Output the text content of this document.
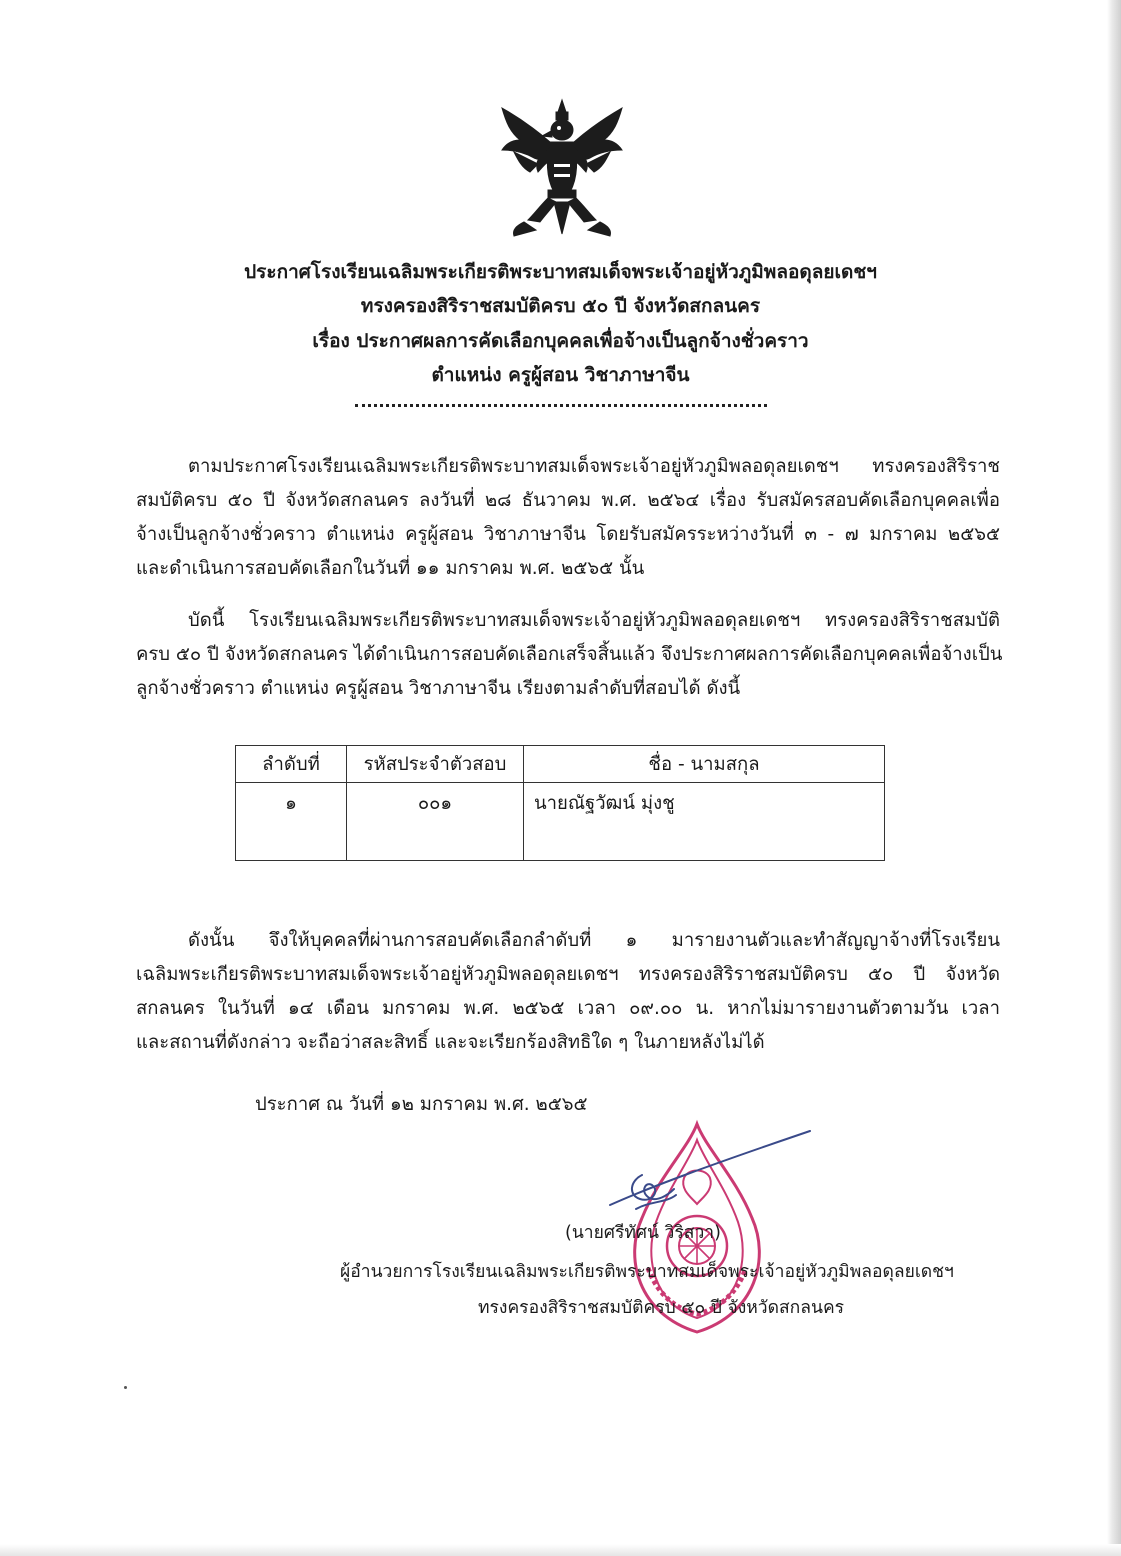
ประกาศโรงเรียนเฉลิมพระเกียรติพระบาทสมเด็จพระเจ้าอยู่หัวภูมิพลอดุลยเดชฯ
ทรงครองสิริราชสมบัติครบ ๕๐ ปี จังหวัดสกลนคร
เรื่อง ประกาศผลการคัดเลือกบุคคลเพื่อจ้างเป็นลูกจ้างชั่วคราว
ตำแหน่ง ครูผู้สอน วิชาภาษาจีน
ตามประกาศโรงเรียนเฉลิมพระเกียรติพระบาทสมเด็จพระเจ้าอยู่หัวภูมิพลอดุลยเดชฯ ทรงครองสิริราช
สมบัติครบ ๕๐ ปี จังหวัดสกลนคร ลงวันที่ ๒๘ ธันวาคม พ.ศ. ๒๕๖๔ เรื่อง รับสมัครสอบคัดเลือกบุคคลเพื่อ
จ้างเป็นลูกจ้างชั่วคราว ตำแหน่ง ครูผู้สอน วิชาภาษาจีน โดยรับสมัครระหว่างวันที่ ๓ - ๗ มกราคม ๒๕๖๕
และดำเนินการสอบคัดเลือกในวันที่ ๑๑ มกราคม พ.ศ. ๒๕๖๕ นั้น
บัดนี้ โรงเรียนเฉลิมพระเกียรติพระบาทสมเด็จพระเจ้าอยู่หัวภูมิพลอดุลยเดชฯ ทรงครองสิริราชสมบัติ
ครบ ๕๐ ปี จังหวัดสกลนคร ได้ดำเนินการสอบคัดเลือกเสร็จสิ้นแล้ว จึงประกาศผลการคัดเลือกบุคคลเพื่อจ้างเป็น
ลูกจ้างชั่วคราว ตำแหน่ง ครูผู้สอน วิชาภาษาจีน เรียงตามลำดับที่สอบได้ ดังนี้
ลำดับที่	รหัสประจำตัวสอบ	ชื่อ - นามสกุล
๑	๐๐๑	นายณัฐวัฒน์ มุ่งชู
ดังนั้น จึงให้บุคคลที่ผ่านการสอบคัดเลือกลำดับที่ ๑ มารายงานตัวและทำสัญญาจ้างที่โรงเรียน
เฉลิมพระเกียรติพระบาทสมเด็จพระเจ้าอยู่หัวภูมิพลอดุลยเดชฯ ทรงครองสิริราชสมบัติครบ ๕๐ ปี จังหวัด
สกลนคร ในวันที่ ๑๔ เดือน มกราคม พ.ศ. ๒๕๖๕ เวลา ๐๙.๐๐ น. หากไม่มารายงานตัวตามวัน เวลา
และสถานที่ดังกล่าว จะถือว่าสละสิทธิ์ และจะเรียกร้องสิทธิใด ๆ ในภายหลังไม่ได้
ประกาศ ณ วันที่ ๑๒ มกราคม พ.ศ. ๒๕๖๕
(นายศรีทัศน์ วิริสวา)
ผู้อำนวยการโรงเรียนเฉลิมพระเกียรติพระบาทสมเด็จพระเจ้าอยู่หัวภูมิพลอดุลยเดชฯ
ทรงครองสิริราชสมบัติครบ ๕๐ ปี จังหวัดสกลนคร
